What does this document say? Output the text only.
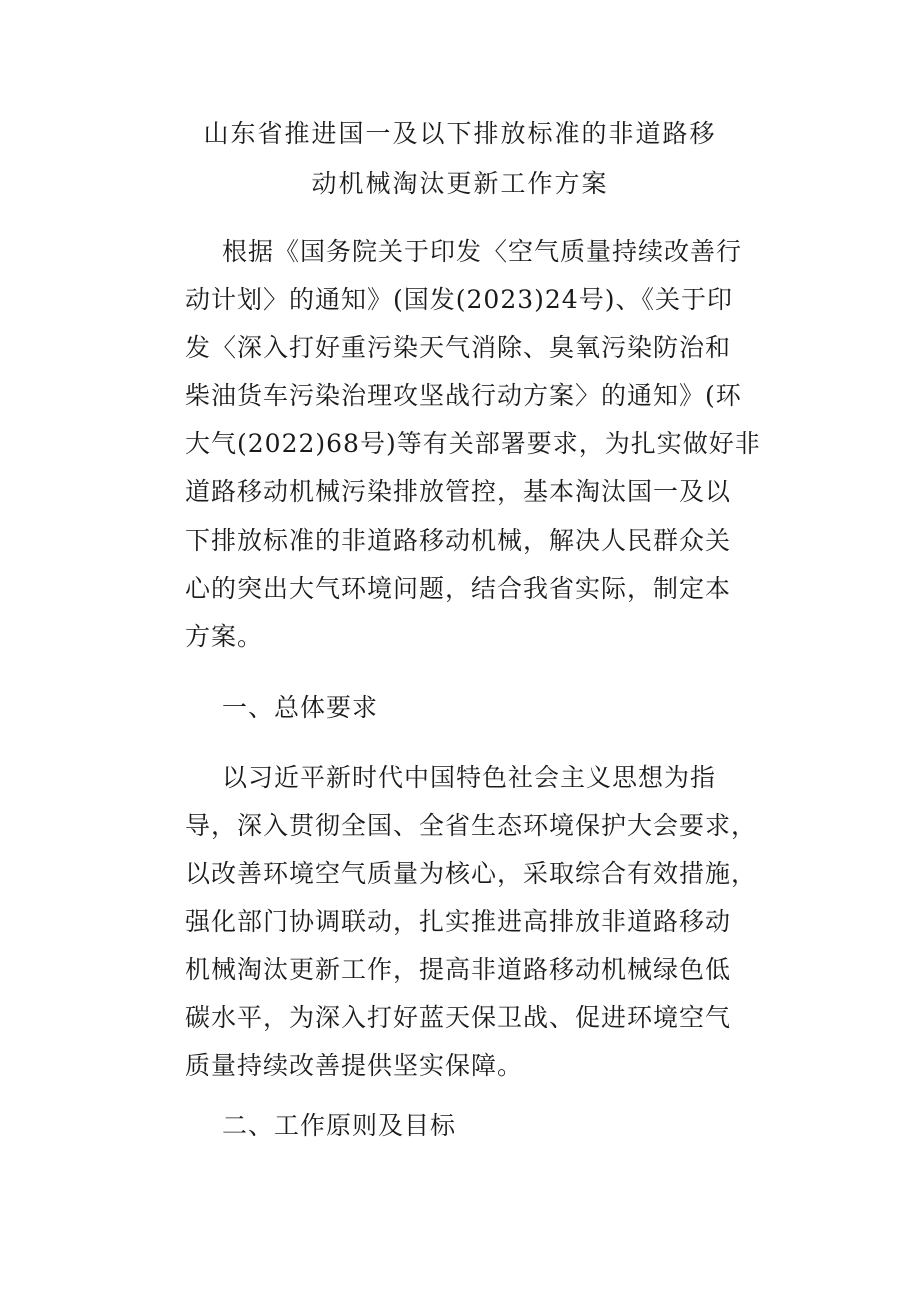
山东省推进国一及以下排放标准的非道路移
动机械淘汰更新工作方案
根据《国务院关于印发〈空气质量持续改善行
动计划〉的通知》(国发(2023)24号)、《关于印
发〈深入打好重污染天气消除、臭氧污染防治和
柴油货车污染治理攻坚战行动方案〉的通知》(环
大气(2022)68号)等有关部署要求，为扎实做好非
道路移动机械污染排放管控，基本淘汰国一及以
下排放标准的非道路移动机械，解决人民群众关
心的突出大气环境问题，结合我省实际，制定本
方案。
一、总体要求
以习近平新时代中国特色社会主义思想为指
导，深入贯彻全国、全省生态环境保护大会要求，
以改善环境空气质量为核心，采取综合有效措施，
强化部门协调联动，扎实推进高排放非道路移动
机械淘汰更新工作，提高非道路移动机械绿色低
碳水平，为深入打好蓝天保卫战、促进环境空气
质量持续改善提供坚实保障。
二、工作原则及目标
